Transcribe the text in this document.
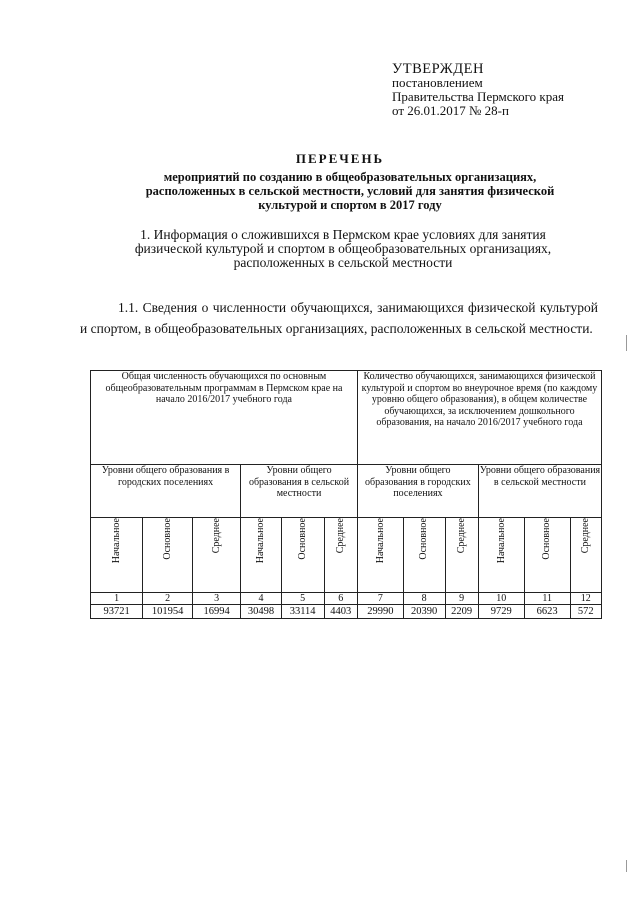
УТВЕРЖДЕН
постановлением
Правительства Пермского края
от 26.01.2017 № 28-п
ПЕРЕЧЕНЬ
мероприятий по созданию в общеобразовательных организациях,
расположенных в сельской местности, условий для занятия физической
культурой и спортом в 2017 году
1. Информация о сложившихся в Пермском крае условиях для занятия
физической культурой и спортом в общеобразовательных организациях,
расположенных в сельской местности

1.1. Сведения о численности обучающихся, занимающихся физической культурой и спортом, в общеобразовательных организациях, расположенных в сельской местности.

Общая численность обучающихся по основным общеобразовательным программам в Пермском крае на начало 2016/2017 учебного года						Количество обучающихся, занимающихся физической культурой и спортом во внеурочное время (по каждому уровню общего образования), в общем количестве обучающихся, за исключением дошкольного образования, на начало 2016/2017 учебного года					
Уровни общего образования в городских поселениях			Уровни общего образования в сельской местности			Уровни общего образования в городских поселениях			Уровни общего образования в сельской местности		
Начальное	Основное	Среднее	Начальное	Основное	Среднее	Начальное	Основное	Среднее	Начальное	Основное	Среднее
1	2	3	4	5	6	7	8	9	10	11	12
93721	101954	16994	30498	33114	4403	29990	20390	2209	9729	6623	572
